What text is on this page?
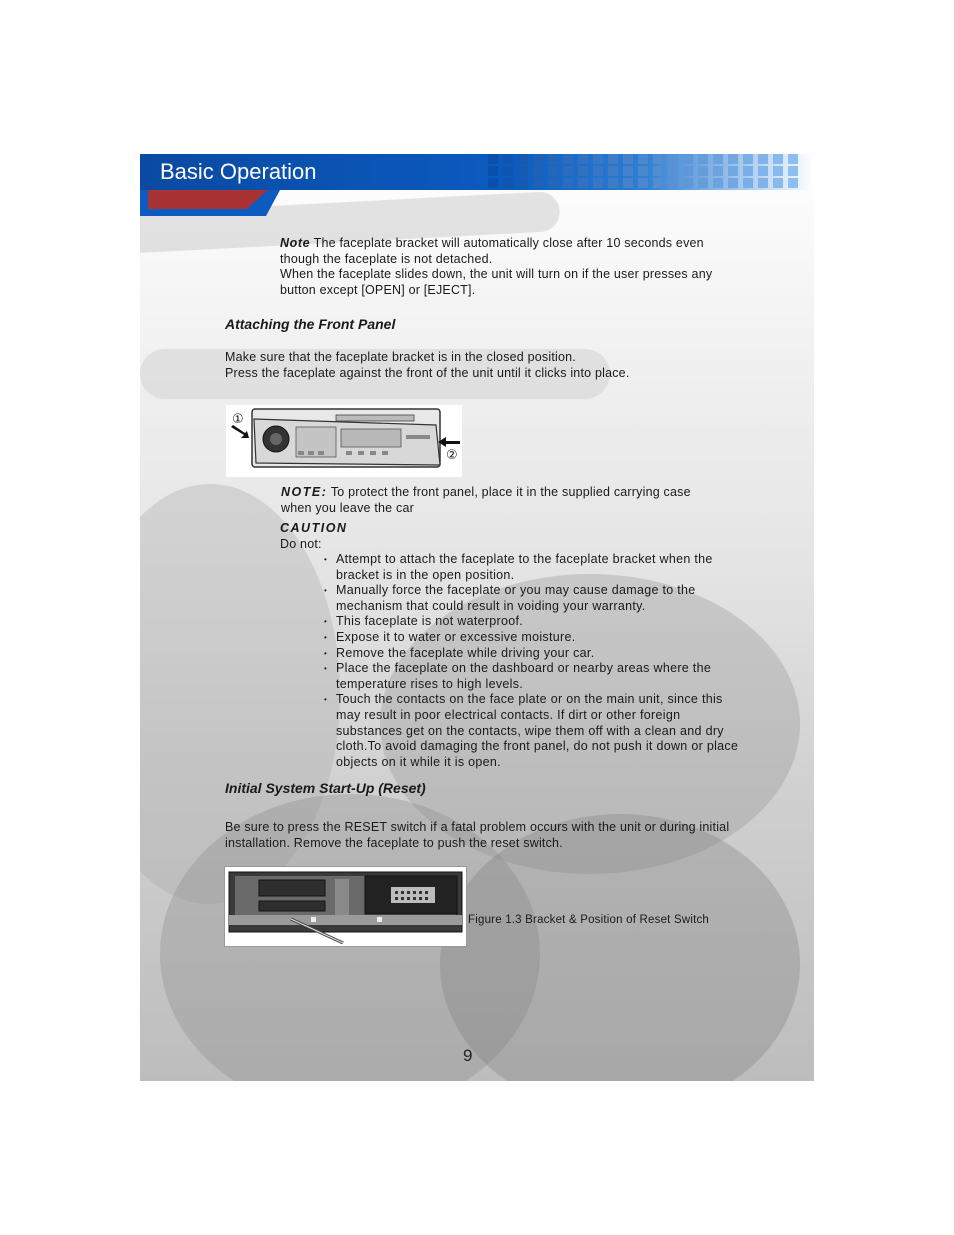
Basic Operation
Note The faceplate bracket will automatically close after 10 seconds even
though the faceplate is not detached.
When the faceplate slides down, the unit will turn on if the user presses any
button except [OPEN] or [EJECT].
Attaching the Front Panel
Make sure that the faceplate bracket is in the closed position.
Press the faceplate against the front of the unit until it clicks into place.
①
②
NOTE: To protect the front panel, place it in the supplied carrying case
when you leave the car
CAUTION
Do not:
• Attempt to attach the faceplate to the faceplate bracket when the bracket is in the open position.
• Manually force the faceplate or you may cause damage to the mechanism that could result in voiding your warranty.
• This faceplate is not waterproof.
• Expose it to water or excessive moisture.
• Remove the faceplate while driving your car.
• Place the faceplate on the dashboard or nearby areas where the temperature rises to high levels.
• Touch the contacts on the face plate or on the main unit, since this may result in poor electrical contacts. If dirt or other foreign substances get on the contacts, wipe them off with a clean and dry cloth.To avoid damaging the front panel, do not push it down or place objects on it while it is open.
Initial System Start-Up (Reset)
Be sure to press the RESET switch if a fatal problem occurs with the unit or during initial
installation. Remove the faceplate to push the reset switch.
Figure 1.3 Bracket & Position of Reset Switch
9
